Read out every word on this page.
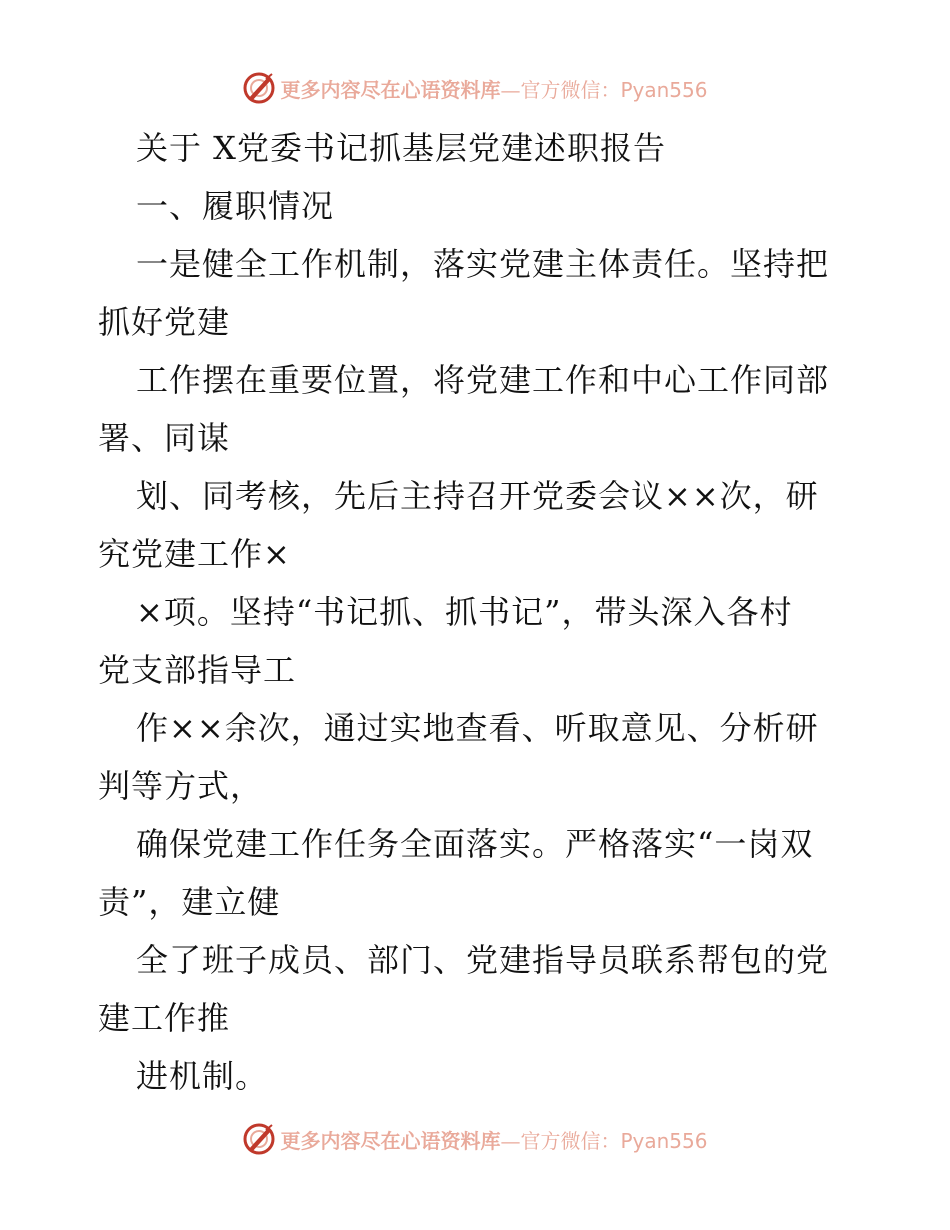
更多内容尽在心语资料库—官方微信：Pyan556
关于 X党委书记抓基层党建述职报告
一、履职情况
一是健全工作机制，落实党建主体责任。坚持把
抓好党建
工作摆在重要位置，将党建工作和中心工作同部
署、同谋
划、同考核，先后主持召开党委会议××次，研
究党建工作×
×项。坚持“书记抓、抓书记”，带头深入各村
党支部指导工
作××余次，通过实地查看、听取意见、分析研
判等方式，
确保党建工作任务全面落实。严格落实“一岗双
责”，建立健
全了班子成员、部门、党建指导员联系帮包的党
建工作推
进机制。
更多内容尽在心语资料库—官方微信：Pyan556
